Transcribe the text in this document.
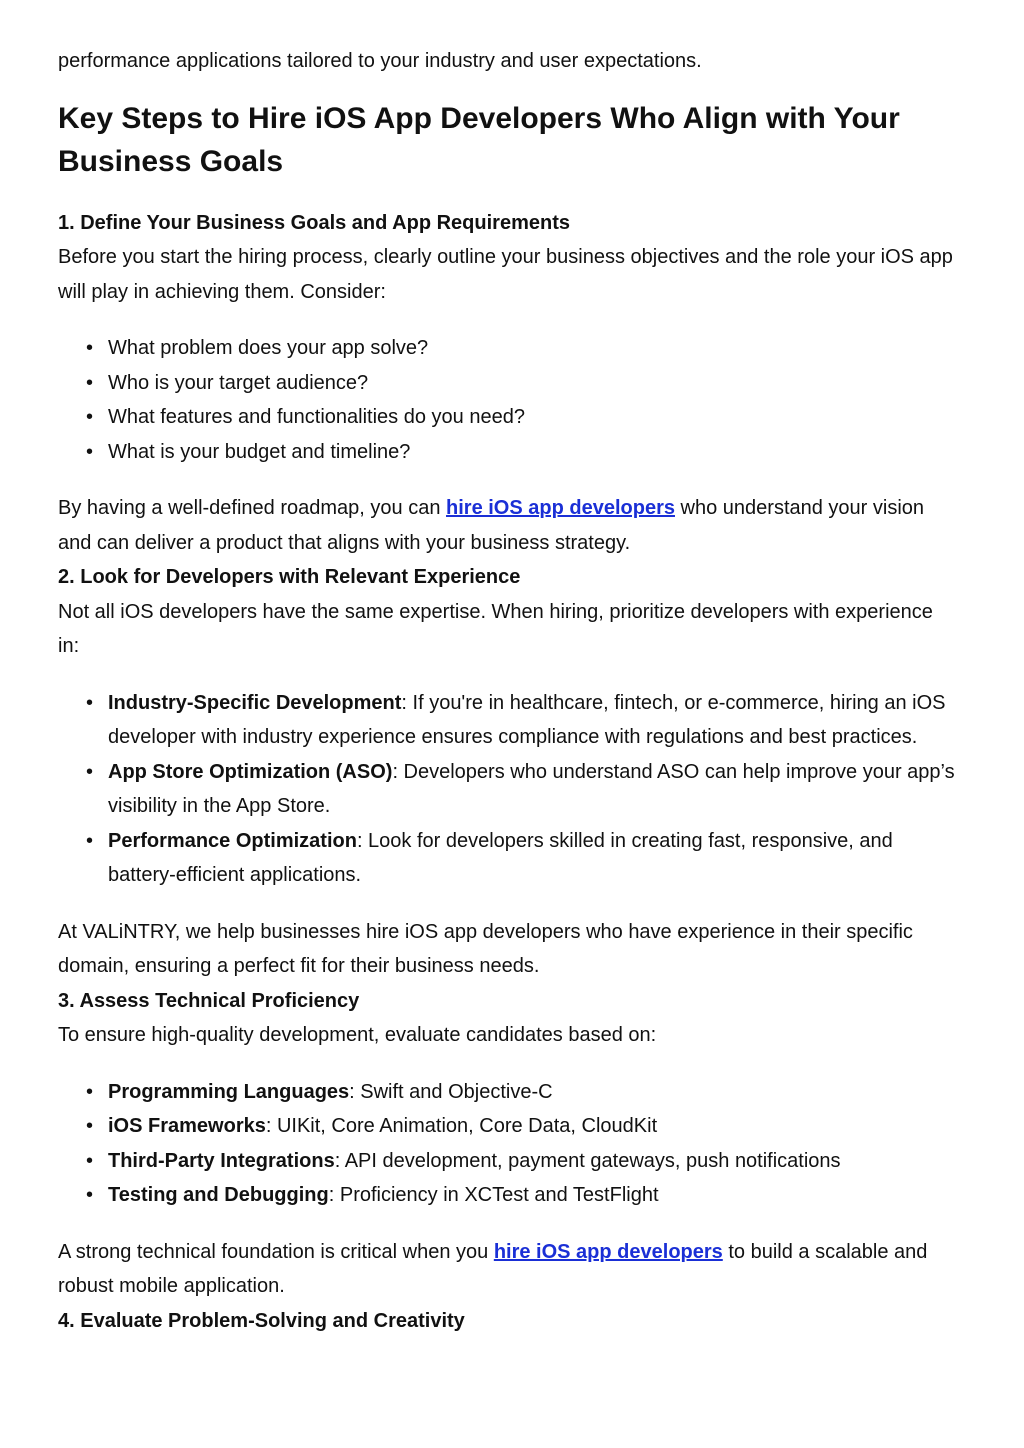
performance applications tailored to your industry and user expectations.

Key Steps to Hire iOS App Developers Who Align with Your Business Goals
1. Define Your Business Goals and App Requirements

Before you start the hiring process, clearly outline your business objectives and the role your iOS app will play in achieving them. Consider:

• What problem does your app solve?
• Who is your target audience?
• What features and functionalities do you need?
• What is your budget and timeline?

By having a well-defined roadmap, you can hire iOS app developers who understand your vision and can deliver a product that aligns with your business strategy.

2. Look for Developers with Relevant Experience

Not all iOS developers have the same expertise. When hiring, prioritize developers with experience in:

• Industry-Specific Development: If you're in healthcare, fintech, or e-commerce, hiring an iOS developer with industry experience ensures compliance with regulations and best practices.
• App Store Optimization (ASO): Developers who understand ASO can help improve your app’s visibility in the App Store.
• Performance Optimization: Look for developers skilled in creating fast, responsive, and battery-efficient applications.

At VALiNTRY, we help businesses hire iOS app developers who have experience in their specific domain, ensuring a perfect fit for their business needs.

3. Assess Technical Proficiency

To ensure high-quality development, evaluate candidates based on:

• Programming Languages: Swift and Objective-C
• iOS Frameworks: UIKit, Core Animation, Core Data, CloudKit
• Third-Party Integrations: API development, payment gateways, push notifications
• Testing and Debugging: Proficiency in XCTest and TestFlight

A strong technical foundation is critical when you hire iOS app developers to build a scalable and robust mobile application.

4. Evaluate Problem-Solving and Creativity
